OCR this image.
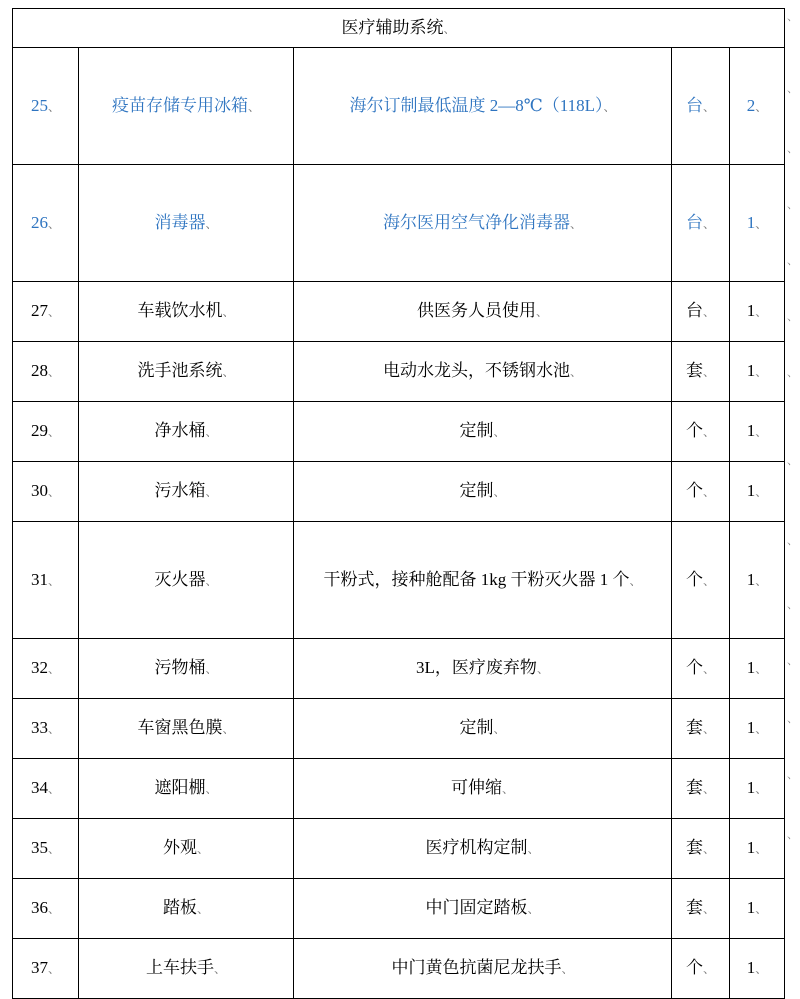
医疗辅助系统、				
25、	疫苗存储专用冰箱、	海尔订制最低温度 2—8℃（118L）、	台、	2、
26、	消毒器、	海尔医用空气净化消毒器、	台、	1、
27、	车载饮水机、	供医务人员使用、	台、	1、
28、	洗手池系统、	电动水龙头，不锈钢水池、	套、	1、
29、	净水桶、	定制、	个、	1、
30、	污水箱、	定制、	个、	1、
31、	灭火器、	干粉式，接种舱配备 1kg 干粉灭火器 1 个、	个、	1、
32、	污物桶、	3L，医疗废弃物、	个、	1、
33、	车窗黑色膜、	定制、	套、	1、
34、	遮阳棚、	可伸缩、	套、	1、
35、	外观、	医疗机构定制、	套、	1、
36、	踏板、	中门固定踏板、	套、	1、
37、	上车扶手、	中门黄色抗菌尼龙扶手、	个、	1、
、
、
、
、
、
、
、
、
、
、
、
、
、
、
